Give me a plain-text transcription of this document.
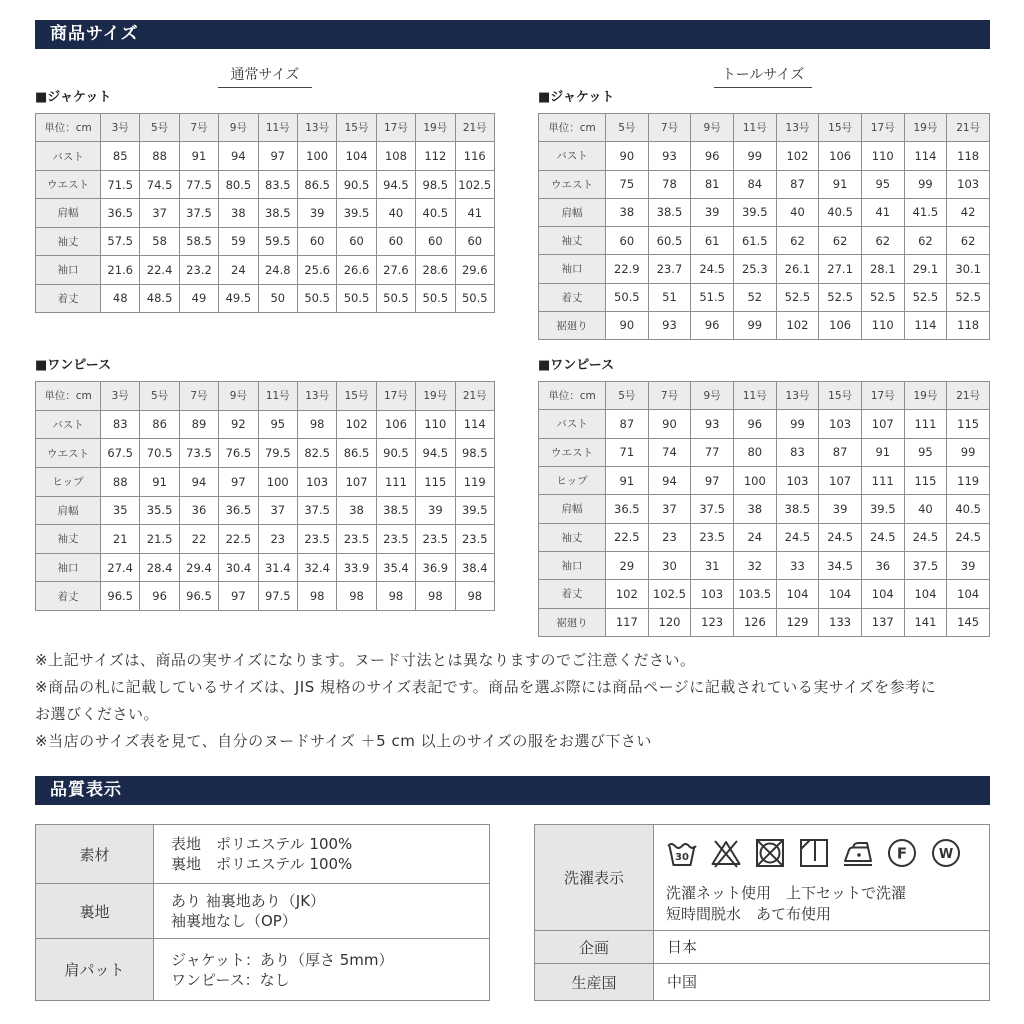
商品サイズ
通常サイズ	トールサイズ
■ジャケット	■ジャケット
単位：cm	3号	5号	7号	9号	11号	13号	15号	17号	19号	21号
バスト	85	88	91	94	97	100	104	108	112	116
ウエスト	71.5	74.5	77.5	80.5	83.5	86.5	90.5	94.5	98.5	102.5
肩幅	36.5	37	37.5	38	38.5	39	39.5	40	40.5	41
袖丈	57.5	58	58.5	59	59.5	60	60	60	60	60
袖口	21.6	22.4	23.2	24	24.8	25.6	26.6	27.6	28.6	29.6
着丈	48	48.5	49	49.5	50	50.5	50.5	50.5	50.5	50.5
単位：cm	5号	7号	9号	11号	13号	15号	17号	19号	21号
バスト	90	93	96	99	102	106	110	114	118
ウエスト	75	78	81	84	87	91	95	99	103
肩幅	38	38.5	39	39.5	40	40.5	41	41.5	42
袖丈	60	60.5	61	61.5	62	62	62	62	62
袖口	22.9	23.7	24.5	25.3	26.1	27.1	28.1	29.1	30.1
着丈	50.5	51	51.5	52	52.5	52.5	52.5	52.5	52.5
裾廻り	90	93	96	99	102	106	110	114	118
■ワンピース	■ワンピース
単位：cm	3号	5号	7号	9号	11号	13号	15号	17号	19号	21号
バスト	83	86	89	92	95	98	102	106	110	114
ウエスト	67.5	70.5	73.5	76.5	79.5	82.5	86.5	90.5	94.5	98.5
ヒップ	88	91	94	97	100	103	107	111	115	119
肩幅	35	35.5	36	36.5	37	37.5	38	38.5	39	39.5
袖丈	21	21.5	22	22.5	23	23.5	23.5	23.5	23.5	23.5
袖口	27.4	28.4	29.4	30.4	31.4	32.4	33.9	35.4	36.9	38.4
着丈	96.5	96	96.5	97	97.5	98	98	98	98	98
単位：cm	5号	7号	9号	11号	13号	15号	17号	19号	21号
バスト	87	90	93	96	99	103	107	111	115
ウエスト	71	74	77	80	83	87	91	95	99
ヒップ	91	94	97	100	103	107	111	115	119
肩幅	36.5	37	37.5	38	38.5	39	39.5	40	40.5
袖丈	22.5	23	23.5	24	24.5	24.5	24.5	24.5	24.5
袖口	29	30	31	32	33	34.5	36	37.5	39
着丈	102	102.5	103	103.5	104	104	104	104	104
裾廻り	117	120	123	126	129	133	137	141	145
※上記サイズは、商品の実サイズになります。ヌード寸法とは異なりますのでご注意ください。
※商品の札に記載しているサイズは、JIS 規格のサイズ表記です。商品を選ぶ際には商品ページに記載されている実サイズを参考に
お選びください。
※当店のサイズ表を見て、自分のヌードサイズ ＋5 cm 以上のサイズの服をお選び下さい
品質表示
素材	表地　ポリエステル 100%
裏地　ポリエステル 100%

裏地	あり 袖裏地あり（JK）
袖裏地なし（OP）

肩パット	ジャケット：あり（厚さ 5mm）
ワンピース：なし
洗濯表示	30 F W
洗濯ネット使用　上下セットで洗濯
短時間脱水　あて布使用

企画	日本
生産国	中国
